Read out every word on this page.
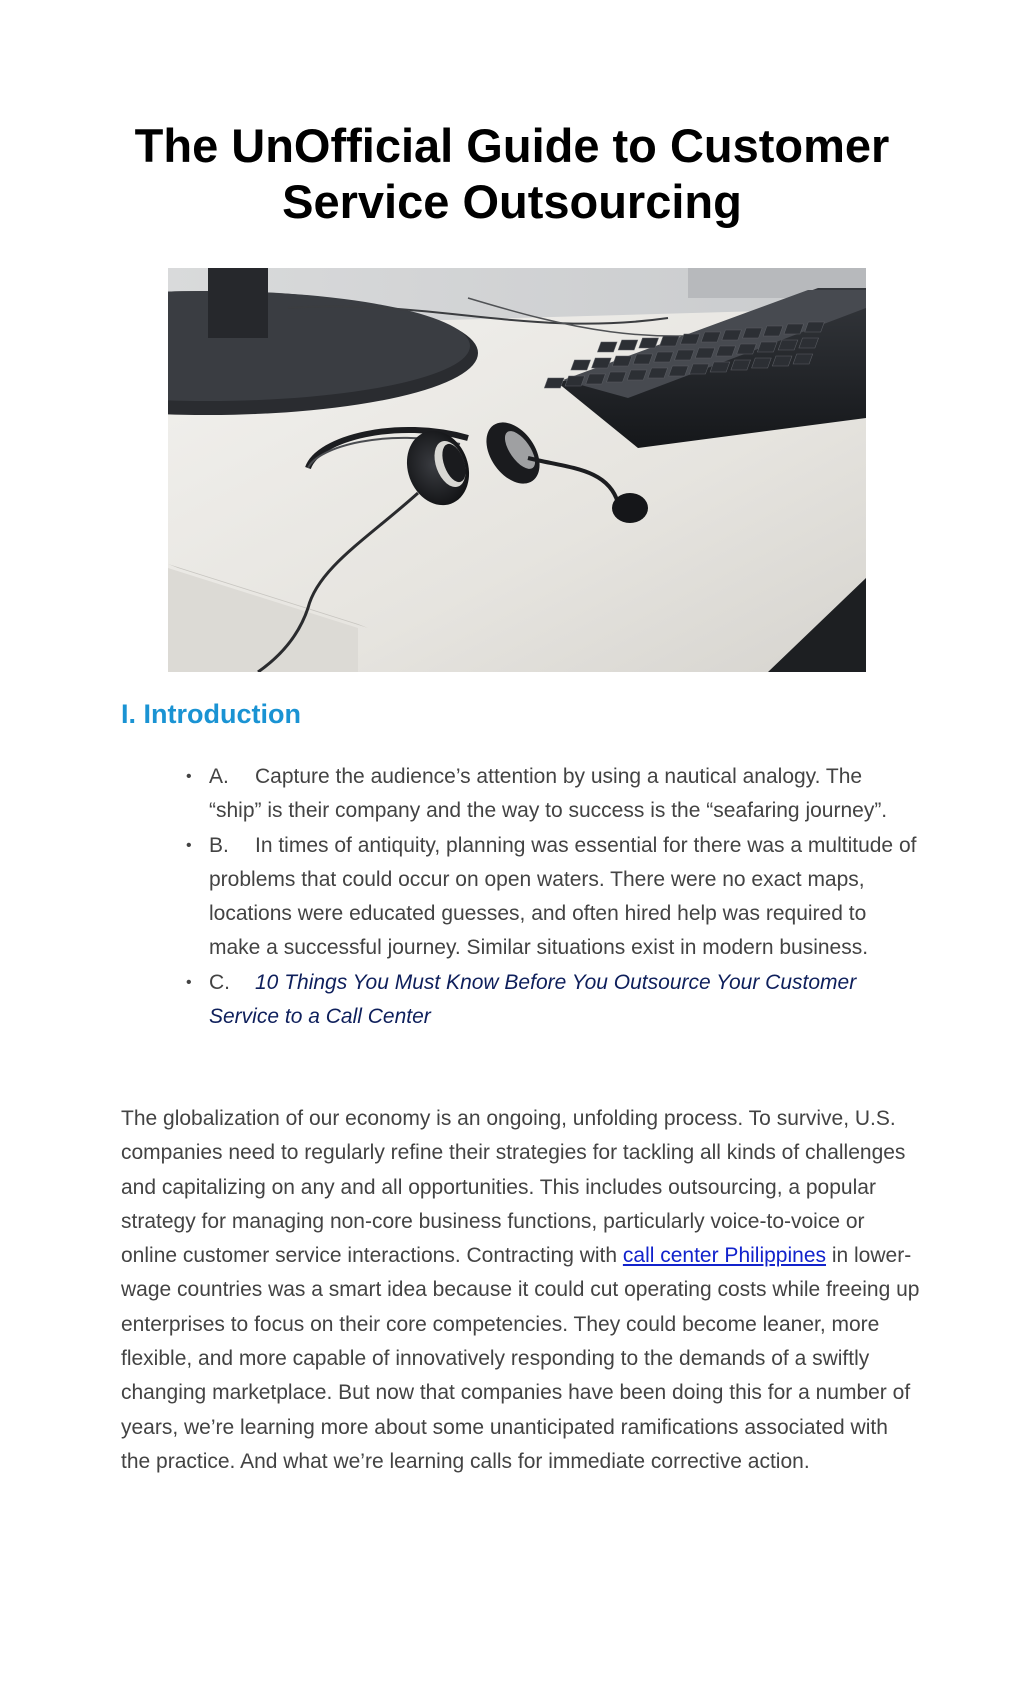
The UnOfficial Guide to Customer Service Outsourcing
I. Introduction
• A. Capture the audience’s attention by using a nautical analogy. The “ship” is their company and the way to success is the “seafaring journey”.
• B. In times of antiquity, planning was essential for there was a multitude of problems that could occur on open waters. There were no exact maps, locations were educated guesses, and often hired help was required to make a successful journey. Similar situations exist in modern business.
• C. 10 Things You Must Know Before You Outsource Your Customer Service to a Call Center

The globalization of our economy is an ongoing, unfolding process. To survive, U.S. companies need to regularly refine their strategies for tackling all kinds of challenges and capitalizing on any and all opportunities. This includes outsourcing, a popular strategy for managing non-core business functions, particularly voice-to-voice or online customer service interactions. Contracting with call center Philippines in lower-wage countries was a smart idea because it could cut operating costs while freeing up enterprises to focus on their core competencies. They could become leaner, more flexible, and more capable of innovatively responding to the demands of a swiftly changing marketplace. But now that companies have been doing this for a number of years, we’re learning more about some unanticipated ramifications associated with the practice. And what we’re learning calls for immediate corrective action.
